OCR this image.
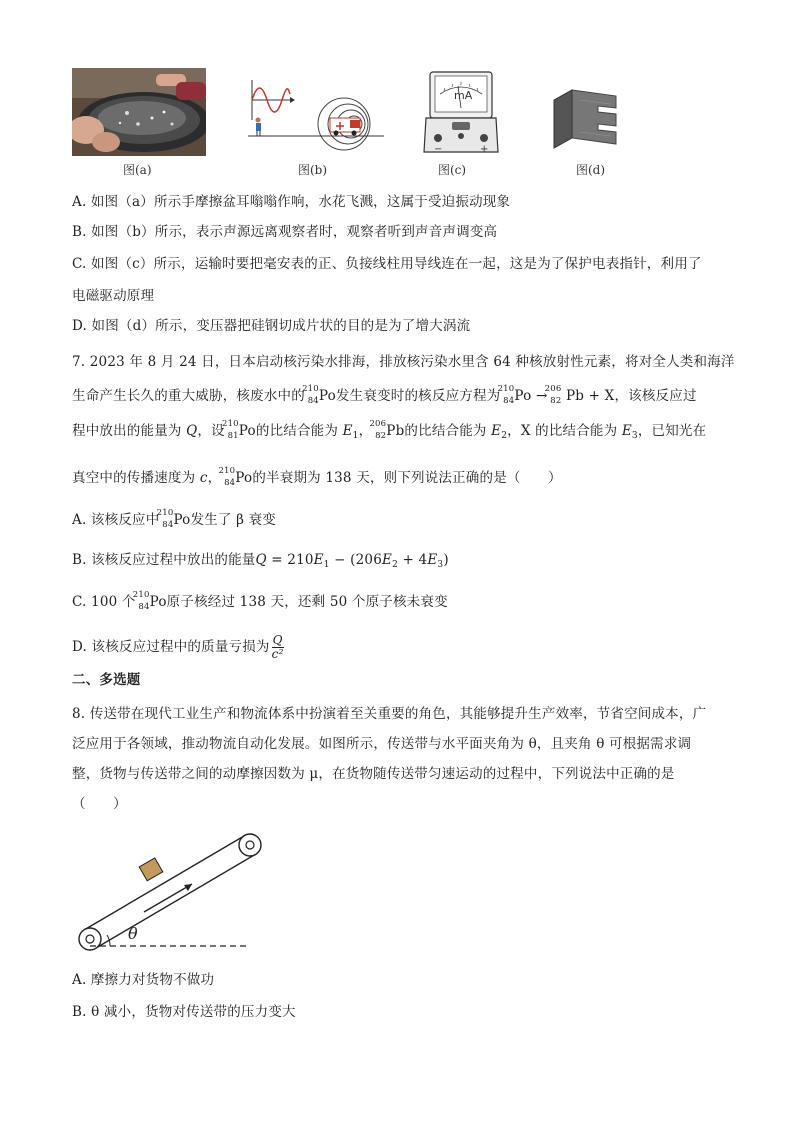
图(a)	图(b)
mA
−	+
图(c)	图(d)
A. 如图（a）所示手摩擦盆耳嗡嗡作响，水花飞溅，这属于受迫振动现象
B. 如图（b）所示，表示声源远离观察者时，观察者听到声音声调变高
C. 如图（c）所示，运输时要把毫安表的正、负接线柱用导线连在一起，这是为了保护电表指针，利用了
电磁驱动原理
D. 如图（d）所示，变压器把硅钢切成片状的目的是为了增大涡流
7. 2023 年 8 月 24 日，日本启动核污染水排海，排放核污染水里含 64 种核放射性元素，将对全人类和海洋
生命产生长久的重大威胁，核废水中的
210
84 Po发生衰变时的核反应方程为
210
84 Po →
206
82 Pb + X，该核反应过
程中放出的能量为 Q，设
210
81 Po的比结合能为 $E_1$，
206
82 Pb的比结合能为 $E_2$，X 的比结合能为 $E_3$，已知光在
真空中的传播速度为 c，
210
84 Po的半衰期为 138 天，则下列说法正确的是（　　）
A. 该核反应中
210
84 Po发生了 β 衰变
B. 该核反应过程中放出的能量$Q = 210E_1 - (206E_2 + 4E_3)$
C. 100 个
210
84 Po原子核经过 138 天，还剩 50 个原子核未衰变
D. 该核反应过程中的质量亏损为 $\frac{Q}{\text{c²}}$
二、多选题
8. 传送带在现代工业生产和物流体系中扮演着至关重要的角色，其能够提升生产效率，节省空间成本，广
泛应用于各领域，推动物流自动化发展。如图所示，传送带与水平面夹角为 θ，且夹角 θ 可根据需求调
整，货物与传送带之间的动摩擦因数为 μ，在货物随传送带匀速运动的过程中，下列说法中正确的是
（　　）
θ
A. 摩擦力对货物不做功
B. θ 减小，货物对传送带的压力变大
